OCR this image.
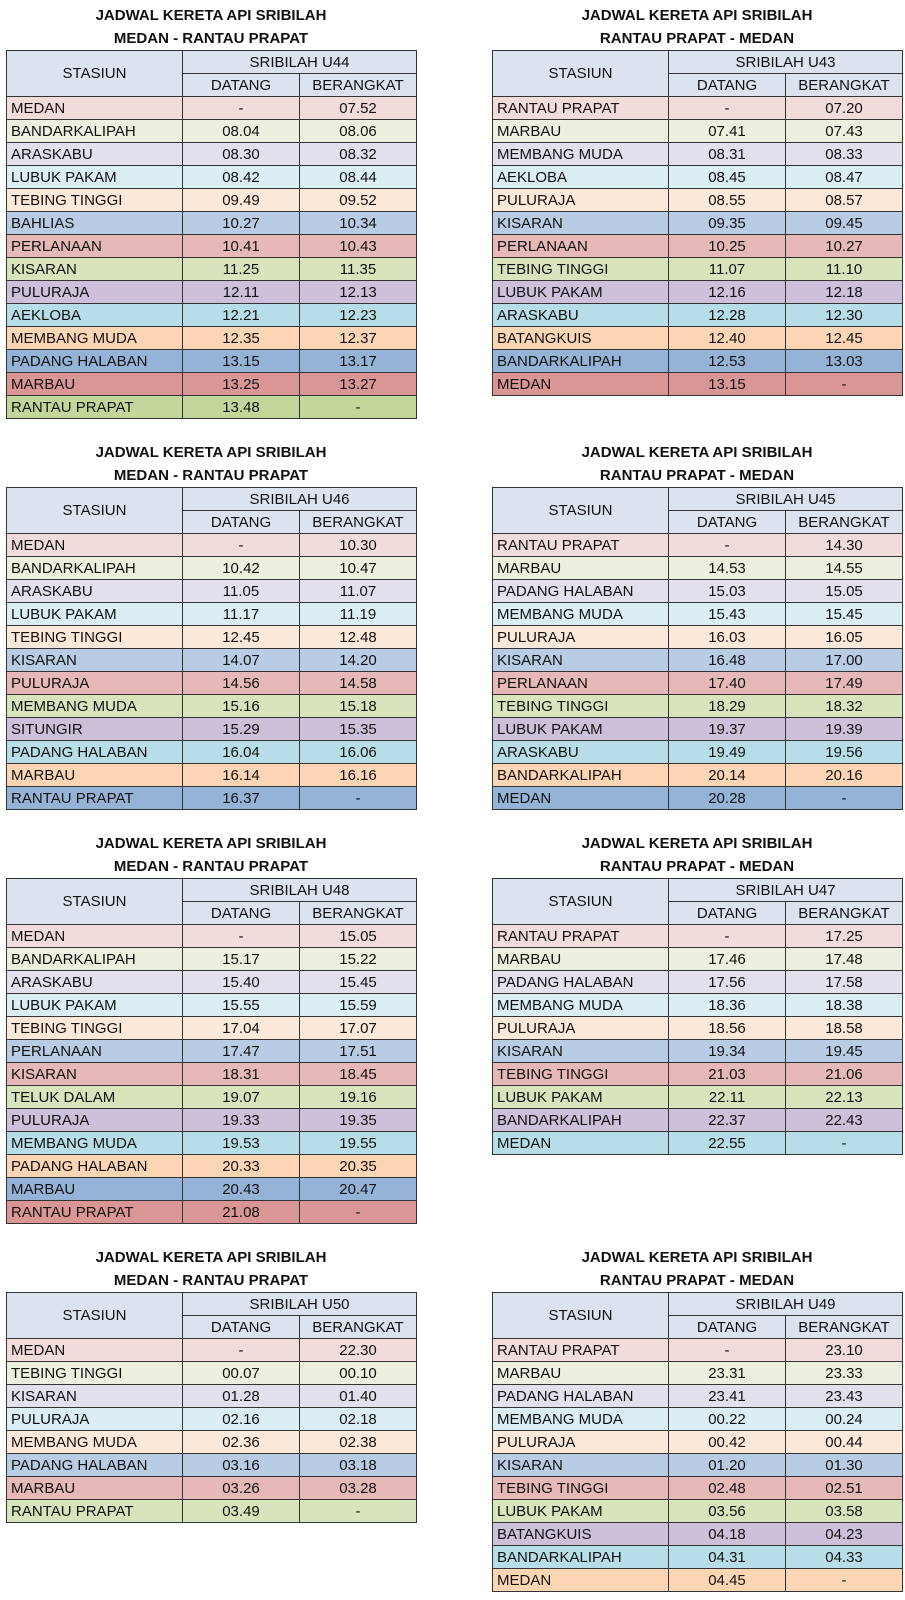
JADWAL KERETA API SRIBILAH
MEDAN - RANTAU PRAPAT
STASIUN	SRIBILAH U44	
	DATANG	BERANGKAT
MEDAN	-	07.52
BANDARKALIPAH	08.04	08.06
ARASKABU	08.30	08.32
LUBUK PAKAM	08.42	08.44
TEBING TINGGI	09.49	09.52
BAHLIAS	10.27	10.34
PERLANAAN	10.41	10.43
KISARAN	11.25	11.35
PULURAJA	12.11	12.13
AEKLOBA	12.21	12.23
MEMBANG MUDA	12.35	12.37
PADANG HALABAN	13.15	13.17
MARBAU	13.25	13.27
RANTAU PRAPAT	13.48	-
JADWAL KERETA API SRIBILAH
RANTAU PRAPAT - MEDAN
STASIUN	SRIBILAH U43	
	DATANG	BERANGKAT
RANTAU PRAPAT	-	07.20
MARBAU	07.41	07.43
MEMBANG MUDA	08.31	08.33
AEKLOBA	08.45	08.47
PULURAJA	08.55	08.57
KISARAN	09.35	09.45
PERLANAAN	10.25	10.27
TEBING TINGGI	11.07	11.10
LUBUK PAKAM	12.16	12.18
ARASKABU	12.28	12.30
BATANGKUIS	12.40	12.45
BANDARKALIPAH	12.53	13.03
MEDAN	13.15	-
JADWAL KERETA API SRIBILAH
MEDAN - RANTAU PRAPAT
STASIUN	SRIBILAH U46	
	DATANG	BERANGKAT
MEDAN	-	10.30
BANDARKALIPAH	10.42	10.47
ARASKABU	11.05	11.07
LUBUK PAKAM	11.17	11.19
TEBING TINGGI	12.45	12.48
KISARAN	14.07	14.20
PULURAJA	14.56	14.58
MEMBANG MUDA	15.16	15.18
SITUNGIR	15.29	15.35
PADANG HALABAN	16.04	16.06
MARBAU	16.14	16.16
RANTAU PRAPAT	16.37	-
JADWAL KERETA API SRIBILAH
RANTAU PRAPAT - MEDAN
STASIUN	SRIBILAH U45	
	DATANG	BERANGKAT
RANTAU PRAPAT	-	14.30
MARBAU	14.53	14.55
PADANG HALABAN	15.03	15.05
MEMBANG MUDA	15.43	15.45
PULURAJA	16.03	16.05
KISARAN	16.48	17.00
PERLANAAN	17.40	17.49
TEBING TINGGI	18.29	18.32
LUBUK PAKAM	19.37	19.39
ARASKABU	19.49	19.56
BANDARKALIPAH	20.14	20.16
MEDAN	20.28	-
JADWAL KERETA API SRIBILAH
MEDAN - RANTAU PRAPAT
STASIUN	SRIBILAH U48	
	DATANG	BERANGKAT
MEDAN	-	15.05
BANDARKALIPAH	15.17	15.22
ARASKABU	15.40	15.45
LUBUK PAKAM	15.55	15.59
TEBING TINGGI	17.04	17.07
PERLANAAN	17.47	17.51
KISARAN	18.31	18.45
TELUK DALAM	19.07	19.16
PULURAJA	19.33	19.35
MEMBANG MUDA	19.53	19.55
PADANG HALABAN	20.33	20.35
MARBAU	20.43	20.47
RANTAU PRAPAT	21.08	-
JADWAL KERETA API SRIBILAH
RANTAU PRAPAT - MEDAN
STASIUN	SRIBILAH U47	
	DATANG	BERANGKAT
RANTAU PRAPAT	-	17.25
MARBAU	17.46	17.48
PADANG HALABAN	17.56	17.58
MEMBANG MUDA	18.36	18.38
PULURAJA	18.56	18.58
KISARAN	19.34	19.45
TEBING TINGGI	21.03	21.06
LUBUK PAKAM	22.11	22.13
BANDARKALIPAH	22.37	22.43
MEDAN	22.55	-
JADWAL KERETA API SRIBILAH
MEDAN - RANTAU PRAPAT
STASIUN	SRIBILAH U50	
	DATANG	BERANGKAT
MEDAN	-	22.30
TEBING TINGGI	00.07	00.10
KISARAN	01.28	01.40
PULURAJA	02.16	02.18
MEMBANG MUDA	02.36	02.38
PADANG HALABAN	03.16	03.18
MARBAU	03.26	03.28
RANTAU PRAPAT	03.49	-
JADWAL KERETA API SRIBILAH
RANTAU PRAPAT - MEDAN
STASIUN	SRIBILAH U49	
	DATANG	BERANGKAT
RANTAU PRAPAT	-	23.10
MARBAU	23.31	23.33
PADANG HALABAN	23.41	23.43
MEMBANG MUDA	00.22	00.24
PULURAJA	00.42	00.44
KISARAN	01.20	01.30
TEBING TINGGI	02.48	02.51
LUBUK PAKAM	03.56	03.58
BATANGKUIS	04.18	04.23
BANDARKALIPAH	04.31	04.33
MEDAN	04.45	-
